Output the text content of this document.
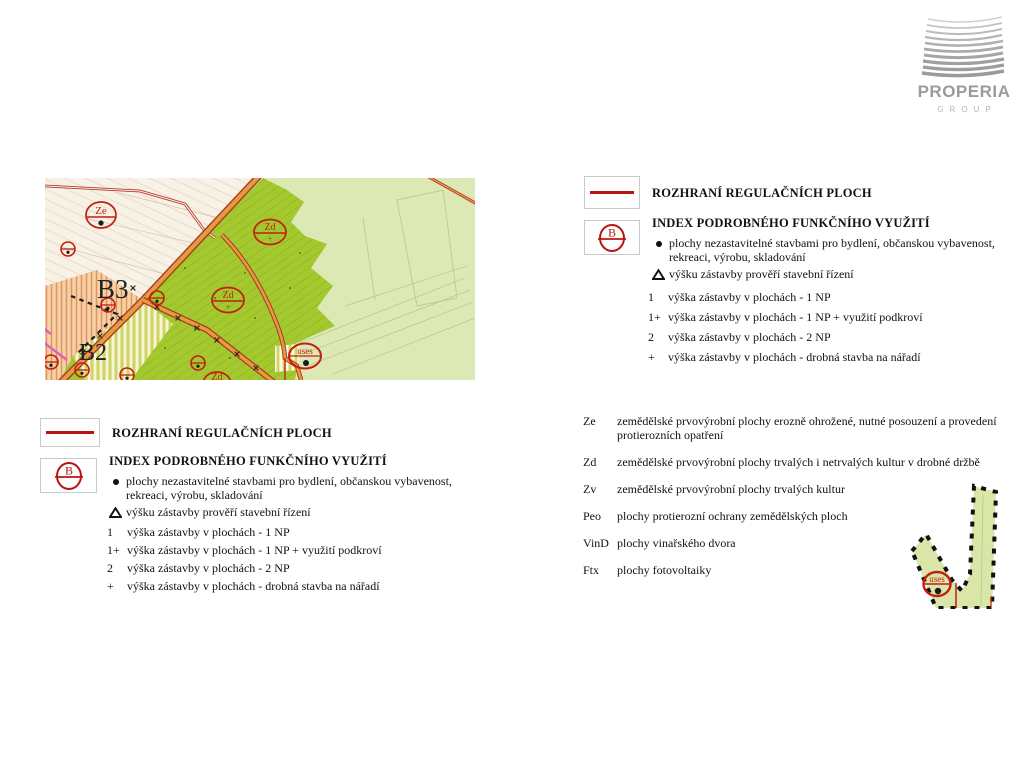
PROPERIA
GROUP
Ze
Zd
+
Zd
+
Zd
uses
B3
B2
ROZHRANÍ REGULAČNÍCH PLOCH
B
INDEX PODROBNÉHO FUNKČNÍHO VYUŽITÍ
plochy nezastavitelné stavbami pro bydlení, občanskou vybavenost, rekreaci, výrobu, skladování
výšku zástavby prověří stavební řízení
1	výška zástavby v plochách - 1 NP
1+ výška zástavby v plochách - 1 NP + využití podkroví
2	výška zástavby v plochách - 2 NP
+	výška zástavby v plochách - drobná stavba na nářadí
ROZHRANÍ REGULAČNÍCH PLOCH
B
INDEX PODROBNÉHO FUNKČNÍHO VYUŽITÍ
plochy nezastavitelné stavbami pro bydlení, občanskou vybavenost, rekreaci, výrobu, skladování
výšku zástavby prověří stavební řízení
1	výška zástavby v plochách - 1 NP
1+ výška zástavby v plochách - 1 NP + využití podkroví
2	výška zástavby v plochách - 2 NP
+	výška zástavby v plochách - drobná stavba na nářadí
Ze	zemědělské prvovýrobní plochy erozně ohrožené, nutné posouzení a provedení protierozních opatření
Zd	zemědělské prvovýrobní plochy trvalých i netrvalých kultur v drobné držbě
Zv	zemědělské prvovýrobní plochy trvalých kultur
Peo	plochy protierozní ochrany zemědělských ploch
VinD plochy vinařského dvora
Ftx	plochy fotovoltaiky
uses
